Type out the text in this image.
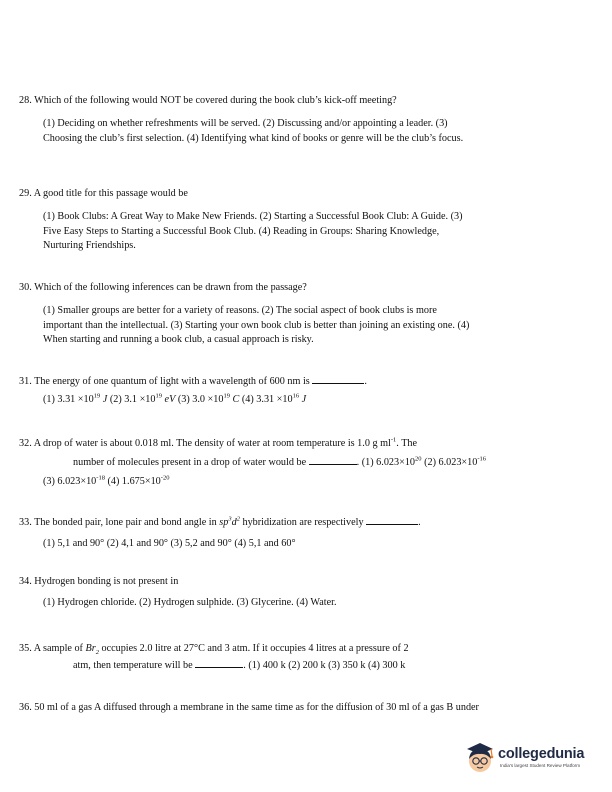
28. Which of the following would NOT be covered during the book club’s kick-off meeting?

(1) Deciding on whether refreshments will be served. (2) Discussing and/or appointing a leader. (3) Choosing the club’s first selection. (4) Identifying what kind of books or genre will be the club’s focus.

29. A good title for this passage would be

(1) Book Clubs: A Great Way to Make New Friends. (2) Starting a Successful Book Club: A Guide. (3) Five Easy Steps to Starting a Successful Book Club. (4) Reading in Groups: Sharing Knowledge, Nurturing Friendships.

30. Which of the following inferences can be drawn from the passage?

(1) Smaller groups are better for a variety of reasons. (2) The social aspect of book clubs is more important than the intellectual. (3) Starting your own book club is better than joining an existing one. (4) When starting and running a book club, a casual approach is risky.

31. The energy of one quantum of light with a wavelength of 600 nm is	.

(1) $3.31 \times 10^{19}$ J (2) $3.1 \times 10^{19}$ eV (3) $3.0 \times 10^{19}$ C (4) $3.31 \times 10^{16}$ J

32. A drop of water is about 0.018 ml. The density of water at room temperature is 1.0 g $ml^{-1}$. The

number of molecules present in a drop of water would be	. (1) $6.023\times 10^{20}$ (2) $6.023\times 10^{-16}$

(3) $6.023\times 10^{-18}$ (4) $1.675\times 10^{-20}$

33. The bonded pair, lone pair and bond angle in $sp^3d^2$ hybridization are respectively	.

(1) 5,1 and 90° (2) 4,1 and 90° (3) 5,2 and 90° (4) 5,1 and 60°

34. Hydrogen bonding is not present in

(1) Hydrogen chloride. (2) Hydrogen sulphide. (3) Glycerine. (4) Water.

35. A sample of $Br_2$ occupies 2.0 litre at 27°C and 3 atm. If it occupies 4 litres at a pressure of 2

atm, then temperature will be	. (1) 400 k (2) 200 k (3) 350 k (4) 300 k

36. 50 ml of a gas A diffused through a membrane in the same time as for the diffusion of 30 ml of a gas B under

collegedunia
India's largest Student Review Platform
